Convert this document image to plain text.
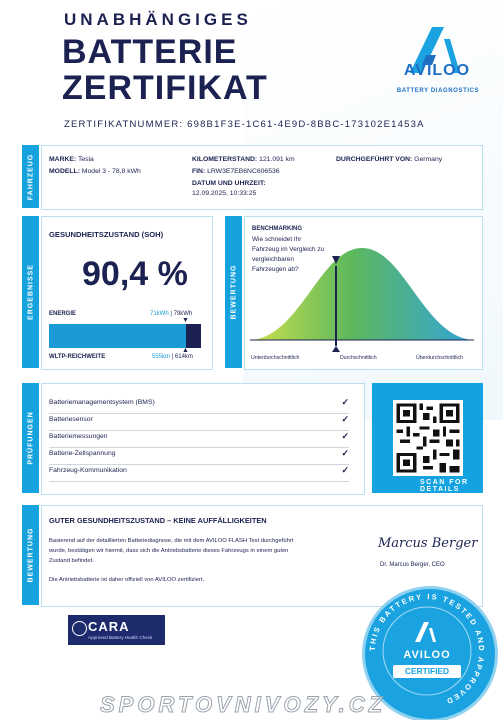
UNABHÄNGIGES
BATTERIE
ZERTIFIKAT
ZERTIFIKATNUMMER: 698B1F3E-1C61-4E9D-8BBC-173102E1453A
AVILOO
BATTERY DIAGNOSTICS
FAHRZEUG MARKE: Tesla
MODELL: Model 3 - 78,8 kWh
KILOMETERSTAND: 121.091 km
FIN: LRW3E7EB6NC606536
DATUM UND UHRZEIT:
12.09.2025, 10:33:25
DURCHGEFÜHRT VON: Germany
ERGEBNISSE
GESUNDHEITSZUSTAND (SOH)
90,4 %
ENERGIE	71kWh | 79kWh
▼
WLTP-REICHWEITE	555km | 614km
▲
BEWERTUNG
BENCHMARKING
Wie schneidet Ihr
Fahrzeug im Vergleich zu
vergleichbaren
Fahrzeugen ab?
Unterdurchschnittlich	Durchschnittlich	Überdurchschnittlich
PRÜFUNGEN
Batteriemanagementsystem (BMS)	✓
Batteriesensor	✓
Batteriemessungen	✓
Batterie-Zellspannung	✓
Fahrzeug-Kommunikation	✓
SCAN FOR DETAILS
BEWERTUNG
GUTER GESUNDHEITSZUSTAND – KEINE AUFFÄLLIGKEITEN
Basierend auf der detaillierten Batteriediagnose, die mit dem AVILOO FLASH Test durchgeführt
wurde, bestätigen wir hiermit, dass sich die Antriebsbatterie dieses Fahrzeugs in einem guten
Zustand befindet.
Die Antriebsbatterie ist daher offiziell von AVILOO zertifiziert.
Marcus Berger
Dr. Marcus Berger, CEO
CARA
Approved Battery Health Check
THIS BATTERY IS TESTED AND APPROVED
AVILOO
CERTIFIED
SPORTOVNIVOZY.CZ
